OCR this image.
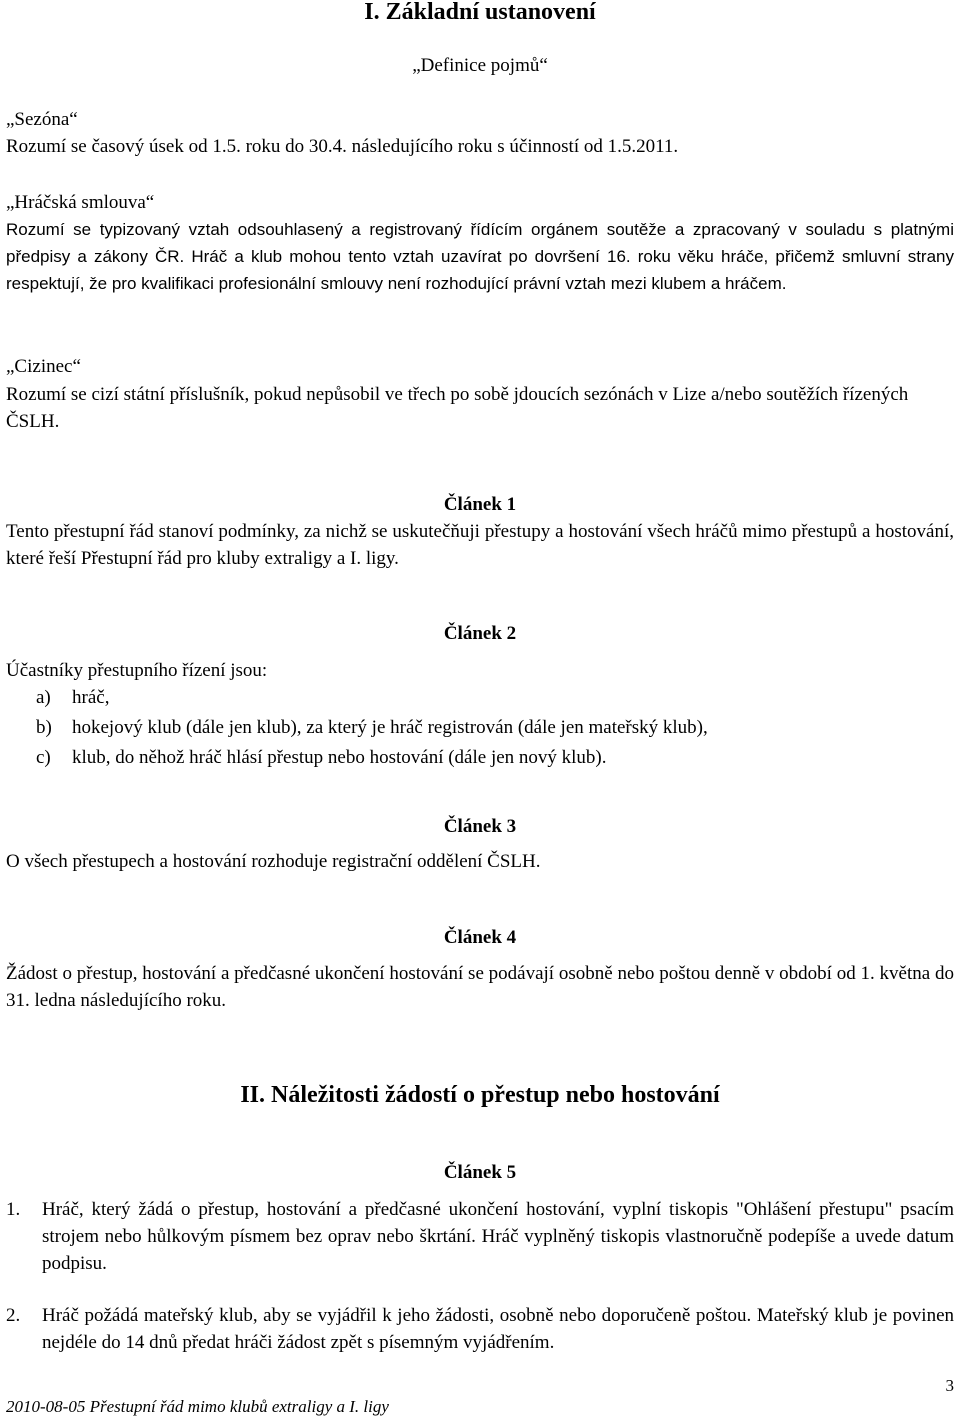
I. Základní ustanovení
„Definice pojmů“
„Sezóna“
Rozumí se časový úsek od 1.5. roku do 30.4. následujícího roku s účinností od 1.5.2011.
„Hráčská smlouva“
Rozumí se typizovaný vztah odsouhlasený a registrovaný řídícím orgánem soutěže a zpracovaný v souladu s platnými předpisy a zákony ČR. Hráč a klub mohou tento vztah uzavírat po dovršení 16. roku věku hráče, přičemž smluvní strany respektují, že pro kvalifikaci profesionální smlouvy není rozhodující právní vztah mezi klubem a hráčem.
„Cizinec“
Rozumí se cizí státní příslušník, pokud nepůsobil ve třech po sobě jdoucích sezónách v Lize a/nebo soutěžích řízených ČSLH.
Článek 1
Tento přestupní řád stanoví podmínky, za nichž se uskutečňuji přestupy a hostování všech hráčů mimo přestupů a hostování, které řeší Přestupní řád pro kluby extraligy a I. ligy.
Článek 2
Účastníky přestupního řízení jsou:
a)	hráč,
b)	hokejový klub (dále jen klub), za který je hráč registrován (dále jen mateřský klub),
c)	klub, do něhož hráč hlásí přestup nebo hostování (dále jen nový klub).
Článek 3
O všech přestupech a hostování rozhoduje registrační oddělení ČSLH.
Článek 4
Žádost o přestup, hostování a předčasné ukončení hostování se podávají osobně nebo poštou denně v období od 1. května do 31. ledna následujícího roku.
II. Náležitosti žádostí o přestup nebo hostování
Článek 5
1.	Hráč, který žádá o přestup, hostování a předčasné ukončení hostování, vyplní tiskopis "Ohlášení přestupu" psacím strojem nebo hůlkovým písmem bez oprav nebo škrtání. Hráč vyplněný tiskopis vlastnoručně podepíše a uvede datum podpisu.
2.	Hráč požádá mateřský klub, aby se vyjádřil k jeho žádosti, osobně nebo doporučeně poštou. Mateřský klub je povinen nejdéle do 14 dnů předat hráči žádost zpět s písemným vyjádřením.
3
2010-08-05 Přestupní řád mimo klubů extraligy a I. ligy
